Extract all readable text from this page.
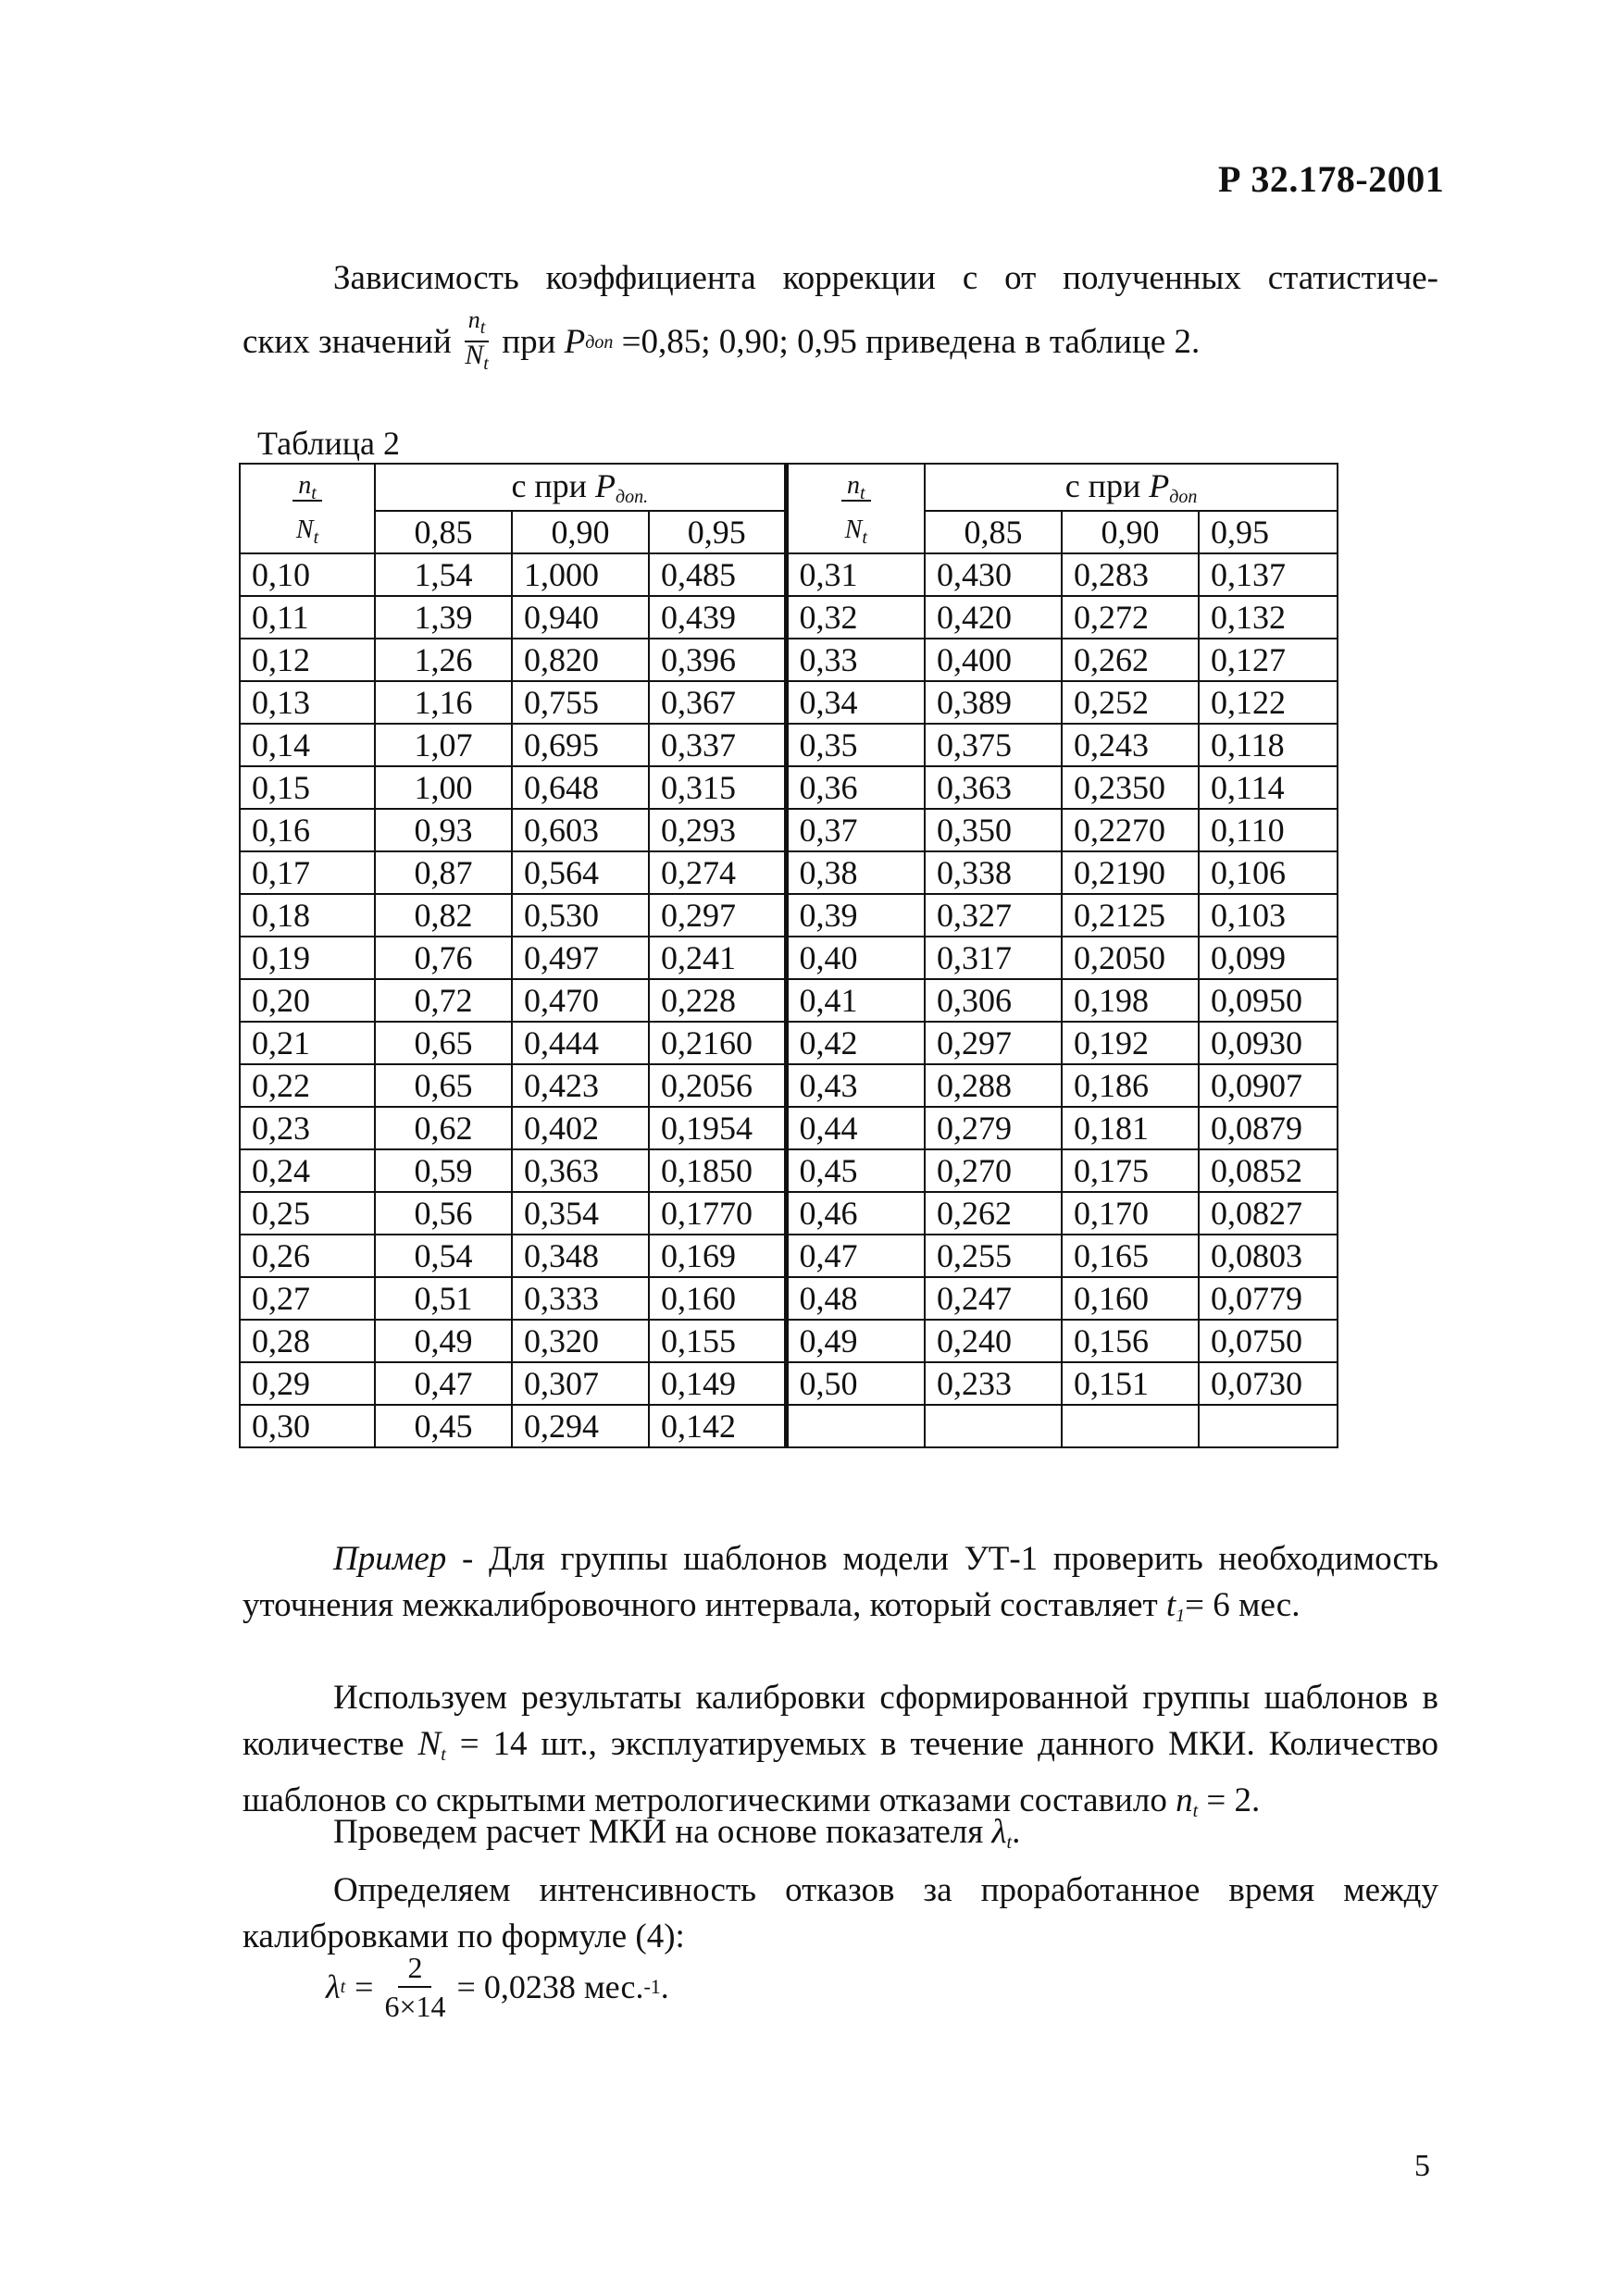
Р 32.178-2001
Зависимость коэффициента коррекции c от полученных статистиче-
ских значений $\frac{n_t}{N_t}$ при
P доп
=0,85; 0,90; 0,95 приведена в таблице 2.
Таблица 2
$n_t$	с при $P_{доп.}$			$n_t$	с при $P_{доп}$
$N_t$	0,85	0,90	0,95	$N_t$	0,85	0,90	0,95
0,10	1,54	1,000	0,485	0,31	0,430	0,283	0,137
0,11	1,39	0,940	0,439	0,32	0,420	0,272	0,132
0,12	1,26	0,820	0,396	0,33	0,400	0,262	0,127
0,13	1,16	0,755	0,367	0,34	0,389	0,252	0,122
0,14	1,07	0,695	0,337	0,35	0,375	0,243	0,118
0,15	1,00	0,648	0,315	0,36	0,363	0,2350	0,114
0,16	0,93	0,603	0,293	0,37	0,350	0,2270	0,110
0,17	0,87	0,564	0,274	0,38	0,338	0,2190	0,106
0,18	0,82	0,530	0,297	0,39	0,327	0,2125	0,103
0,19	0,76	0,497	0,241	0,40	0,317	0,2050	0,099
0,20	0,72	0,470	0,228	0,41	0,306	0,198	0,0950
0,21	0,65	0,444	0,2160	0,42	0,297	0,192	0,0930
0,22	0,65	0,423	0,2056	0,43	0,288	0,186	0,0907
0,23	0,62	0,402	0,1954	0,44	0,279	0,181	0,0879
0,24	0,59	0,363	0,1850	0,45	0,270	0,175	0,0852
0,25	0,56	0,354	0,1770	0,46	0,262	0,170	0,0827
0,26	0,54	0,348	0,169	0,47	0,255	0,165	0,0803
0,27	0,51	0,333	0,160	0,48	0,247	0,160	0,0779
0,28	0,49	0,320	0,155	0,49	0,240	0,156	0,0750
0,29	0,47	0,307	0,149	0,50	0,233	0,151	0,0730
0,30	0,45	0,294	0,142				
Пример - Для группы шаблонов модели УТ-1 проверить необходимость уточнения межкалибровочного интервала, который составляет $t_1= 6$ мес.
Используем результаты калибровки сформированной группы шаблонов в количестве $N_t = 14$ шт., эксплуатируемых в течение данного МКИ. Количество шаблонов со скрытыми метрологическими отказами составило $n_t = 2$.
Проведем расчет МКИ на основе показателя $\lambda_t$.
Определяем интенсивность отказов за проработанное время между калибровками по формуле (4):
λ $t = \frac{2}{6\times 14} = 0,0238$ мес. -1 .
5
